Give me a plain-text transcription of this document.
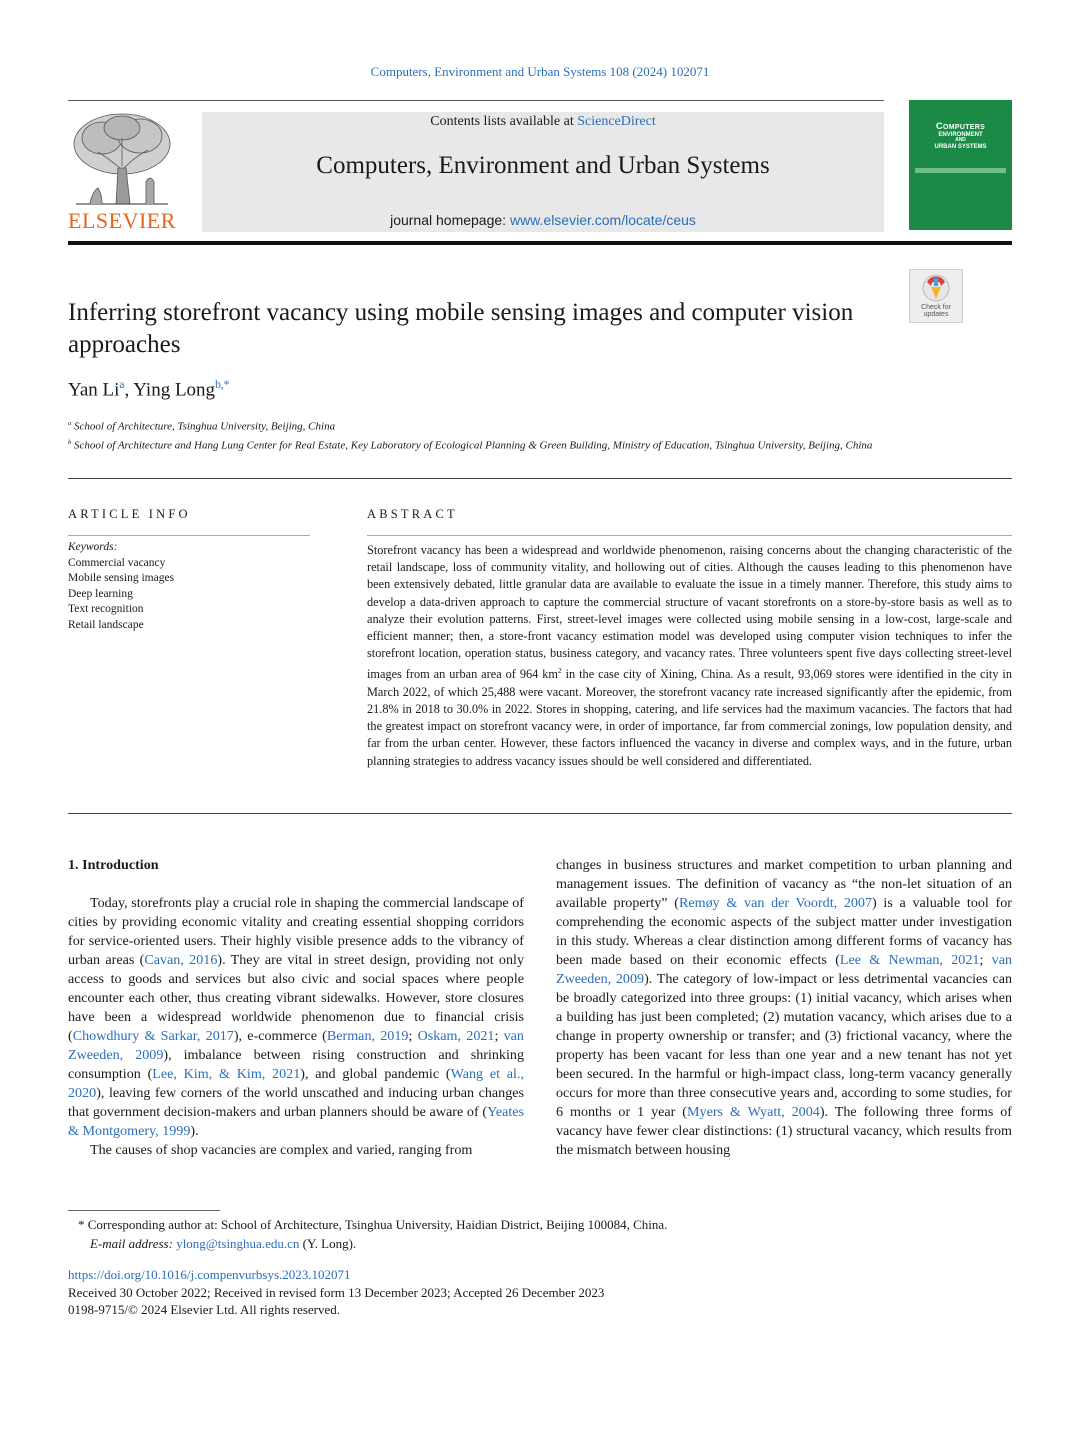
Computers, Environment and Urban Systems 108 (2024) 102071
ELSEVIER
Contents lists available at ScienceDirect
Computers, Environment and Urban Systems
journal homepage: www.elsevier.com/locate/ceus
Computers
ENVIRONMENT
AND
URBAN SYSTEMS
Check for
updates
Inferring storefront vacancy using mobile sensing images and computer vision approaches
Yan Li$^a$, Ying Long$^{b,*}$
$^a$ School of Architecture, Tsinghua University, Beijing, China
$^b$ School of Architecture and Hang Lung Center for Real Estate, Key Laboratory of Ecological Planning & Green Building, Ministry of Education, Tsinghua University, Beijing, China
ARTICLE INFO	ABSTRACT
Keywords:
Commercial vacancy
Mobile sensing images
Deep learning
Text recognition
Retail landscape

Storefront vacancy has been a widespread and worldwide phenomenon, raising concerns about the changing characteristic of the retail landscape, loss of community vitality, and hollowing out of cities. Although the causes leading to this phenomenon have been extensively debated, little granular data are available to evaluate the issue in a timely manner. Therefore, this study aims to develop a data-driven approach to capture the commercial structure of vacant storefronts on a store-by-store basis as well as to analyze their evolution patterns. First, street-level images were collected using mobile sensing in a low-cost, large-scale and efficient manner; then, a store-front vacancy estimation model was developed using computer vision techniques to infer the storefront location, operation status, business category, and vacancy rates. Three volunteers spent five days collecting street-level images from an urban area of 964 $km^2$ in the case city of Xining, China. As a result, 93,069 stores were identified in the city in March 2022, of which 25,488 were vacant. Moreover, the storefront vacancy rate increased significantly after the epidemic, from 21.8% in 2018 to 30.0% in 2022. Stores in shopping, catering, and life services had the maximum vacancies. The factors that had the greatest impact on storefront vacancy were, in order of importance, far from commercial zonings, low population density, and far from the urban center. However, these factors influenced the vacancy in diverse and complex ways, and in the future, urban planning strategies to address vacancy issues should be well considered and differentiated.

1. Introduction

Today, storefronts play a crucial role in shaping the commercial landscape of cities by providing economic vitality and creating essential shopping corridors for service-oriented users. Their highly visible presence adds to the vibrancy of urban areas (Cavan, 2016). They are vital in street design, providing not only access to goods and services but also civic and social spaces where people encounter each other, thus creating vibrant sidewalks. However, store closures have been a widespread worldwide phenomenon due to financial crisis (Chowdhury & Sarkar, 2017), e-commerce (Berman, 2019; Oskam, 2021; van Zweeden, 2009), imbalance between rising construction and shrinking consumption (Lee, Kim, & Kim, 2021), and global pandemic (Wang et al., 2020), leaving few corners of the world unscathed and inducing urban changes that government decision-makers and urban planners should be aware of (Yeates & Montgomery, 1999).

The causes of shop vacancies are complex and varied, ranging from

changes in business structures and market competition to urban planning and management issues. The definition of vacancy as “the non-let situation of an available property” (Remøy & van der Voordt, 2007) is a valuable tool for comprehending the economic aspects of the subject matter under investigation in this study. Whereas a clear distinction among different forms of vacancy has been made based on their economic effects (Lee & Newman, 2021; van Zweeden, 2009). The category of low-impact or less detrimental vacancies can be broadly categorized into three groups: (1) initial vacancy, which arises when a building has just been completed; (2) mutation vacancy, which arises due to a change in property ownership or transfer; and (3) frictional vacancy, where the property has been vacant for less than one year and a new tenant has not yet been secured. In the harmful or high-impact class, long-term vacancy generally occurs for more than three consecutive years and, according to some studies, for 6 months or 1 year (Myers & Wyatt, 2004). The following three forms of vacancy have fewer clear distinctions: (1) structural vacancy, which results from the mismatch between housing

* Corresponding author at: School of Architecture, Tsinghua University, Haidian District, Beijing 100084, China.
E-mail address: ylong@tsinghua.edu.cn (Y. Long).
https://doi.org/10.1016/j.compenvurbsys.2023.102071
Received 30 October 2022; Received in revised form 13 December 2023; Accepted 26 December 2023
0198-9715/© 2024 Elsevier Ltd. All rights reserved.
